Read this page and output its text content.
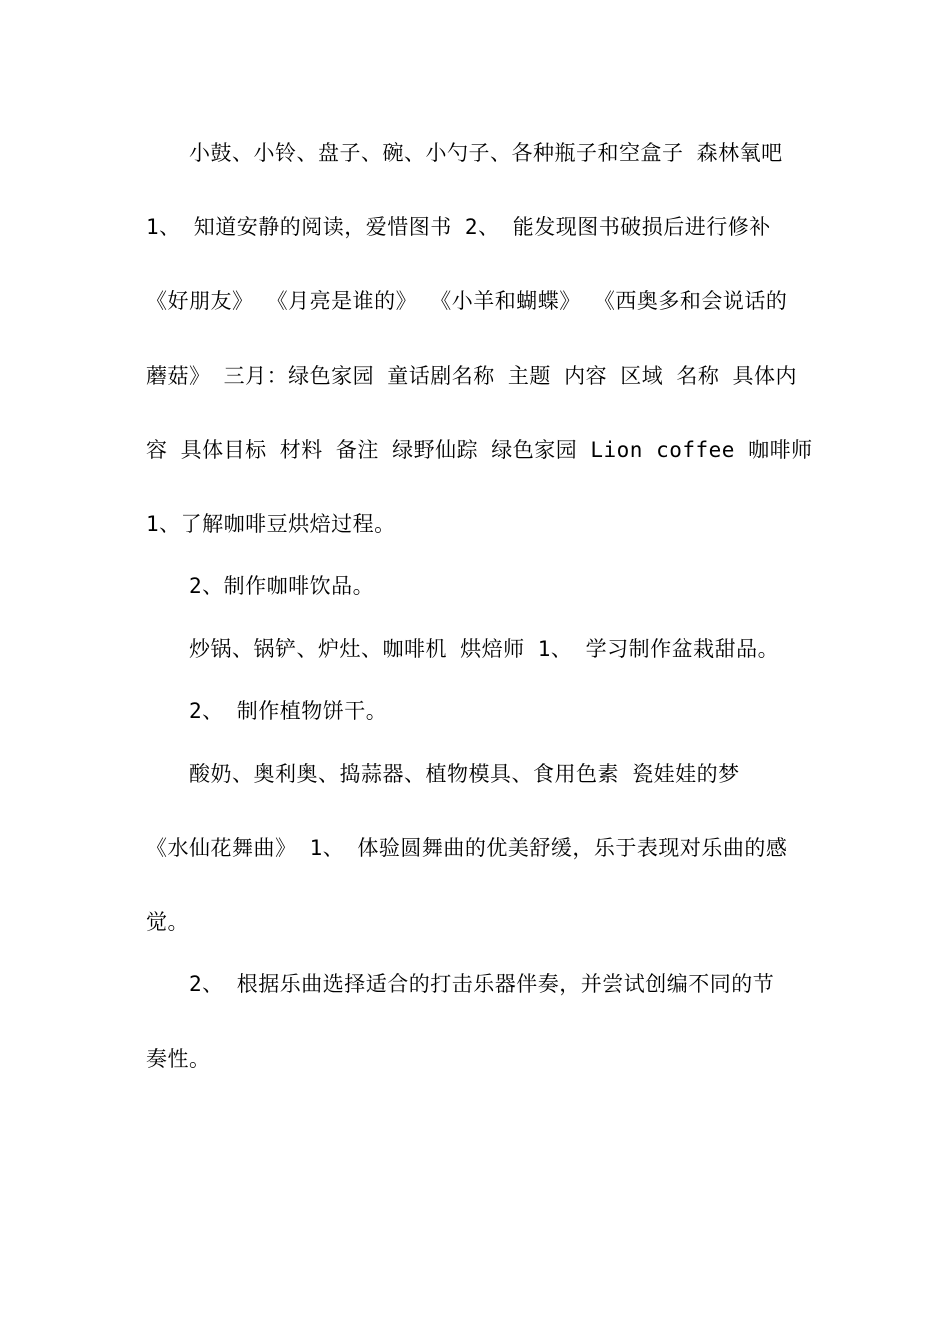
小鼓、小铃、盘子、碗、小勺子、各种瓶子和空盒子 森林氧吧
1、 知道安静的阅读，爱惜图书 2、 能发现图书破损后进行修补
《好朋友》 《月亮是谁的》 《小羊和蝴蝶》 《西奥多和会说话的
蘑菇》 三月：绿色家园 童话剧名称 主题 内容 区域 名称 具体内
容 具体目标 材料 备注 绿野仙踪 绿色家园 Lion coffee 咖啡师
1、了解咖啡豆烘焙过程。
2、制作咖啡饮品。
炒锅、锅铲、炉灶、咖啡机 烘焙师 1、 学习制作盆栽甜品。
2、 制作植物饼干。
酸奶、奥利奥、捣蒜器、植物模具、食用色素 瓷娃娃的梦
《水仙花舞曲》 1、 体验圆舞曲的优美舒缓，乐于表现对乐曲的感
觉。
2、 根据乐曲选择适合的打击乐器伴奏，并尝试创编不同的节
奏性。
